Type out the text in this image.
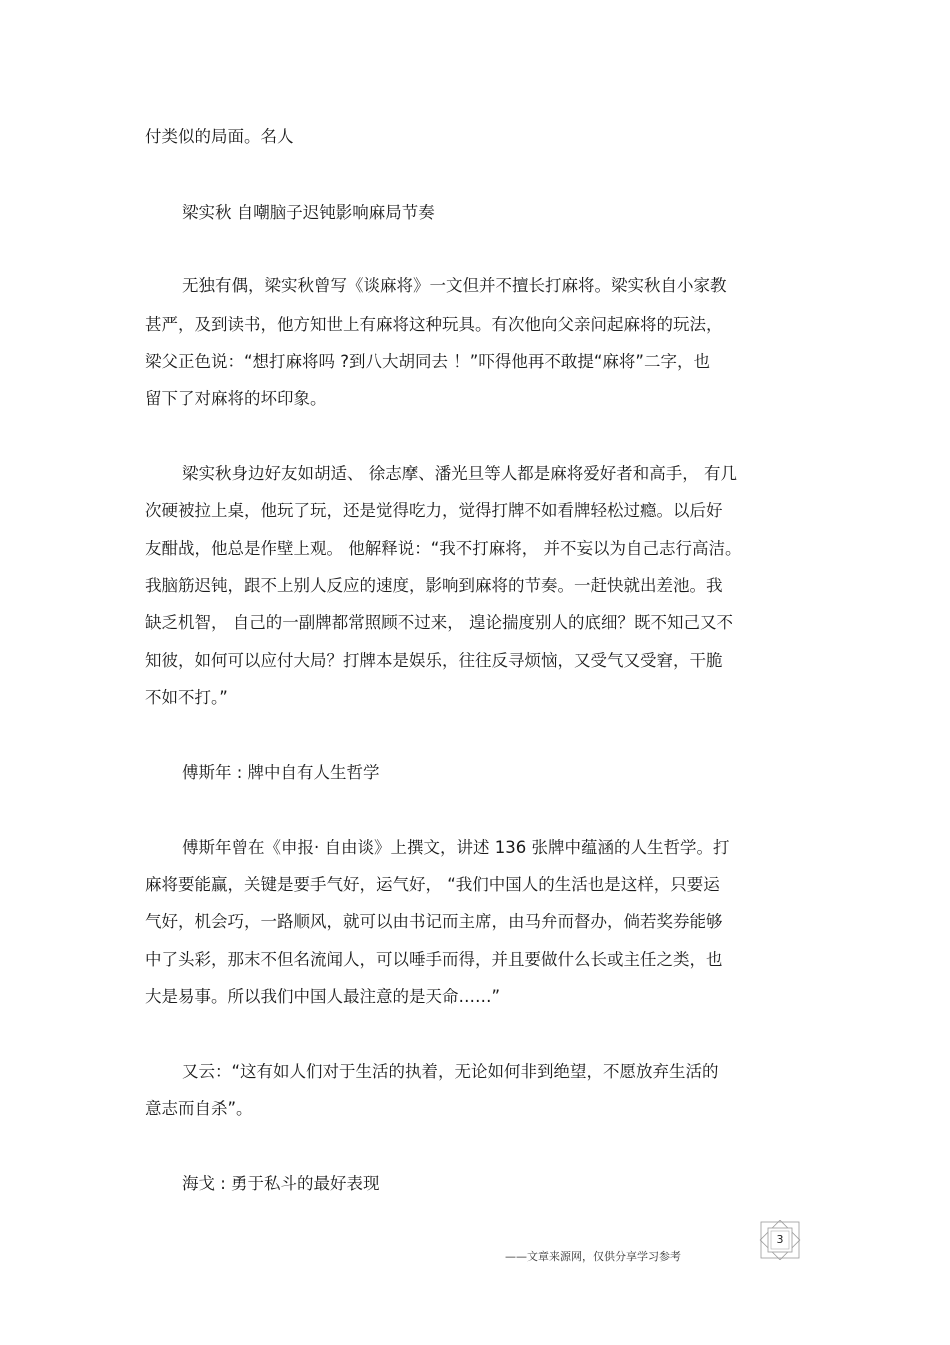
付类似的局面。名人
梁实秋 自嘲脑子迟钝影响麻局节奏
无独有偶，梁实秋曾写《谈麻将》一文但并不擅长打麻将。梁实秋自小家教
甚严，及到读书，他方知世上有麻将这种玩具。有次他向父亲问起麻将的玩法，
梁父正色说：“想打麻将吗 ?到八大胡同去 ！”吓得他再不敢提“麻将”二字，也
留下了对麻将的坏印象。
梁实秋身边好友如胡适、 徐志摩、潘光旦等人都是麻将爱好者和高手， 有几
次硬被拉上桌，他玩了玩，还是觉得吃力，觉得打牌不如看牌轻松过瘾。以后好
友酣战，他总是作壁上观。 他解释说：“我不打麻将， 并不妄以为自己志行高洁。
我脑筋迟钝，跟不上别人反应的速度，影响到麻将的节奏。一赶快就出差池。我
缺乏机智， 自己的一副牌都常照顾不过来， 遑论揣度别人的底细？既不知己又不
知彼，如何可以应付大局？打牌本是娱乐，往往反寻烦恼，又受气又受窘，干脆
不如不打。”
傅斯年 : 牌中自有人生哲学
傅斯年曾在《申报· 自由谈》上撰文，讲述 136 张牌中蕴涵的人生哲学。打
麻将要能赢，关键是要手气好，运气好， “我们中国人的生活也是这样，只要运
气好，机会巧，一路顺风，就可以由书记而主席，由马弁而督办，倘若奖券能够
中了头彩，那末不但名流闻人，可以唾手而得，并且要做什么长或主任之类，也
大是易事。所以我们中国人最注意的是天命……”
又云：“这有如人们对于生活的执着，无论如何非到绝望，不愿放弃生活的
意志而自杀”。
海戈 : 勇于私斗的最好表现
——文章来源网，仅供分享学习参考
3
